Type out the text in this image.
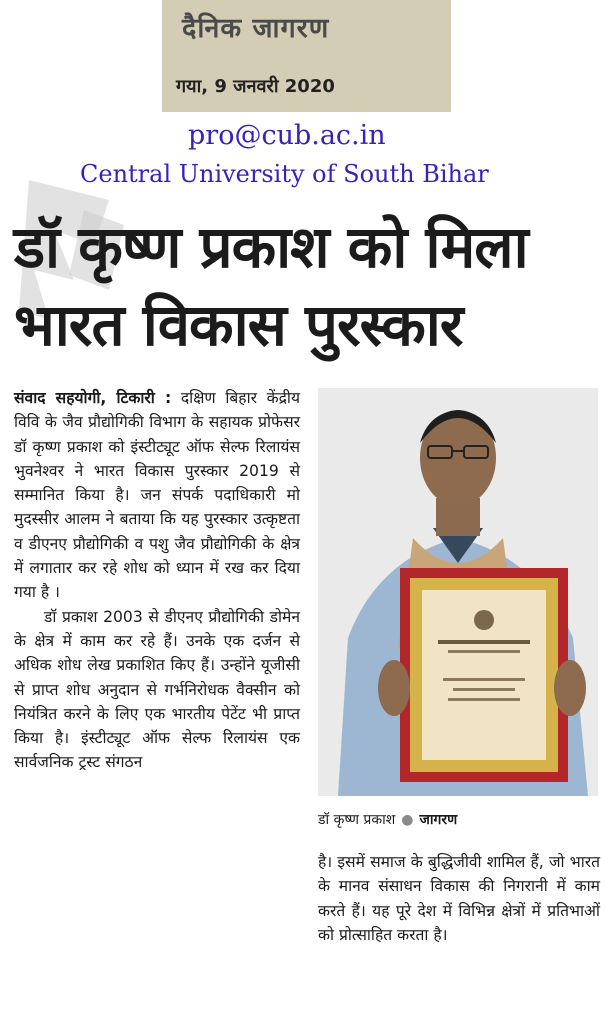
दैनिक जागरण
गया, 9 जनवरी 2020
pro@cub.ac.in
Central University of South Bihar
डॉ कृष्ण प्रकाश को मिला
भारत विकास पुरस्कार

संवाद सहयोगी, टिकारी : दक्षिण बिहार केंद्रीय विवि के जैव प्रौद्योगिकी विभाग के सहायक प्रोफेसर डॉ कृष्ण प्रकाश को इंस्टीट्यूट ऑफ सेल्फ रिलायंस भुवनेश्वर ने भारत विकास पुरस्कार 2019 से सम्मानित किया है। जन संपर्क पदाधिकारी मो मुदस्सीर आलम ने बताया कि यह पुरस्कार उत्कृष्टता व डीएनए प्रौद्योगिकी व पशु जैव प्रौद्योगिकी के क्षेत्र में लगातार कर रहे शोध को ध्यान में रख कर दिया गया है ।

डॉ प्रकाश 2003 से डीएनए प्रौद्योगिकी डोमेन के क्षेत्र में काम कर रहे हैं। उनके एक दर्जन से अधिक शोध लेख प्रकाशित किए हैं। उन्होंने यूजीसी से प्राप्त शोध अनुदान से गर्भनिरोधक वैक्सीन को नियंत्रित करने के लिए एक भारतीय पेटेंट भी प्राप्त किया है। इंस्टीट्यूट ऑफ सेल्फ रिलायंस एक सार्वजनिक ट्रस्ट संगठन

डॉ कृष्ण प्रकाश ● जागरण

है। इसमें समाज के बुद्धिजीवी शामिल हैं, जो भारत के मानव संसाधन विकास की निगरानी में काम करते हैं। यह पूरे देश में विभिन्न क्षेत्रों में प्रतिभाओं को प्रोत्साहित करता है।
